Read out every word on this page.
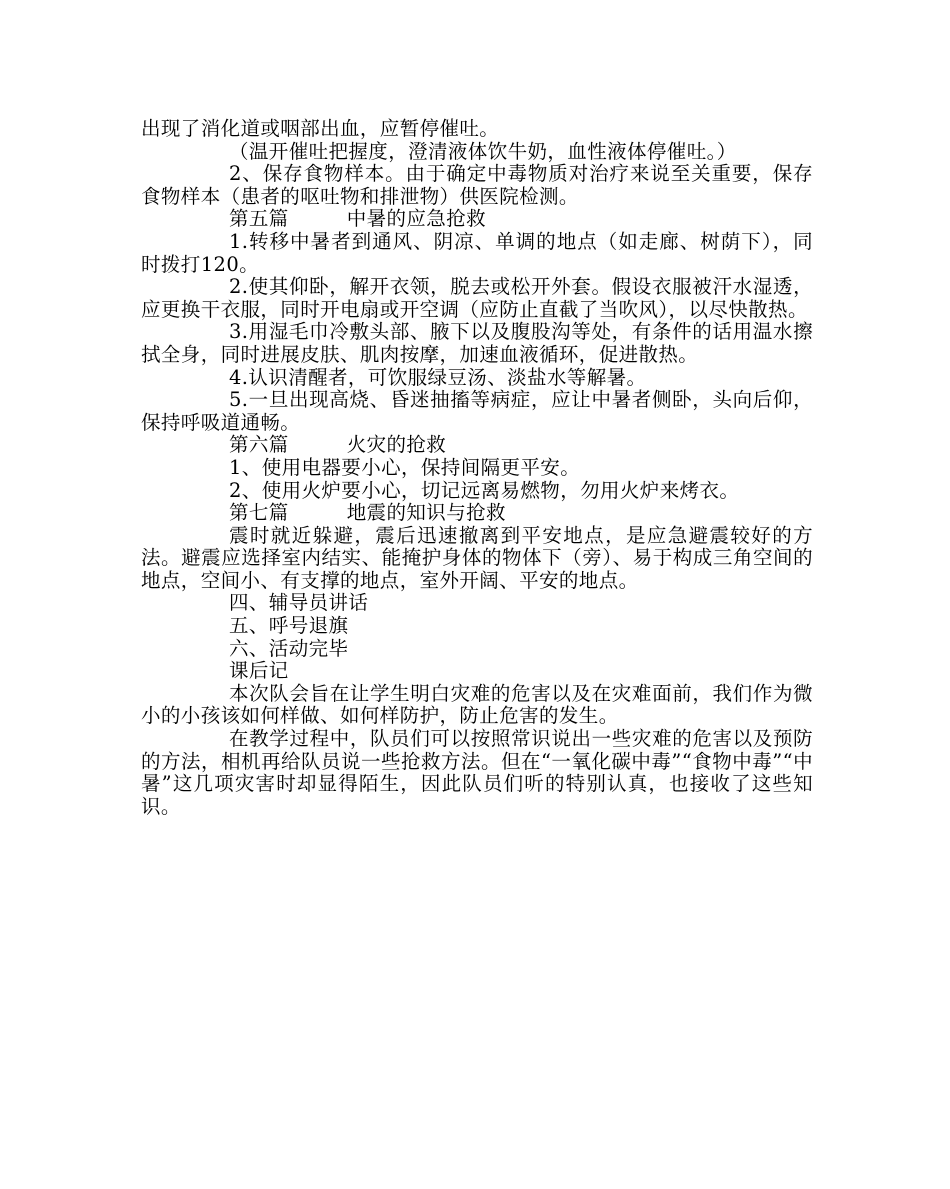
出现了消化道或咽部出血，应暂停催吐。

（温开催吐把握度，澄清液体饮牛奶，血性液体停催吐。）

2、保存食物样本。由于确定中毒物质对治疗来说至关重要，保存食物样本（患者的呕吐物和排泄物）供医院检测。

第五篇	中暑的应急抢救

1.转移中暑者到通风、阴凉、单调的地点（如走廊、树荫下），同时拨打120。

2.使其仰卧，解开衣领，脱去或松开外套。假设衣服被汗水湿透，应更换干衣服，同时开电扇或开空调（应防止直截了当吹风），以尽快散热。

3.用湿毛巾冷敷头部、腋下以及腹股沟等处，有条件的话用温水擦拭全身，同时进展皮肤、肌肉按摩，加速血液循环，促进散热。

4.认识清醒者，可饮服绿豆汤、淡盐水等解暑。

5.一旦出现高烧、昏迷抽搐等病症，应让中暑者侧卧，头向后仰，保持呼吸道通畅。

第六篇	火灾的抢救

1、使用电器要小心，保持间隔更平安。

2、使用火炉要小心，切记远离易燃物，勿用火炉来烤衣。

第七篇	地震的知识与抢救

震时就近躲避，震后迅速撤离到平安地点，是应急避震较好的方法。避震应选择室内结实、能掩护身体的物体下（旁）、易于构成三角空间的地点，空间小、有支撑的地点，室外开阔、平安的地点。

四、辅导员讲话

五、呼号退旗

六、活动完毕

课后记

本次队会旨在让学生明白灾难的危害以及在灾难面前，我们作为微小的小孩该如何样做、如何样防护，防止危害的发生。

在教学过程中，队员们可以按照常识说出一些灾难的危害以及预防的方法，相机再给队员说一些抢救方法。但在“一氧化碳中毒”“食物中毒”“中暑”这几项灾害时却显得陌生，因此队员们听的特别认真，也接收了这些知识。
